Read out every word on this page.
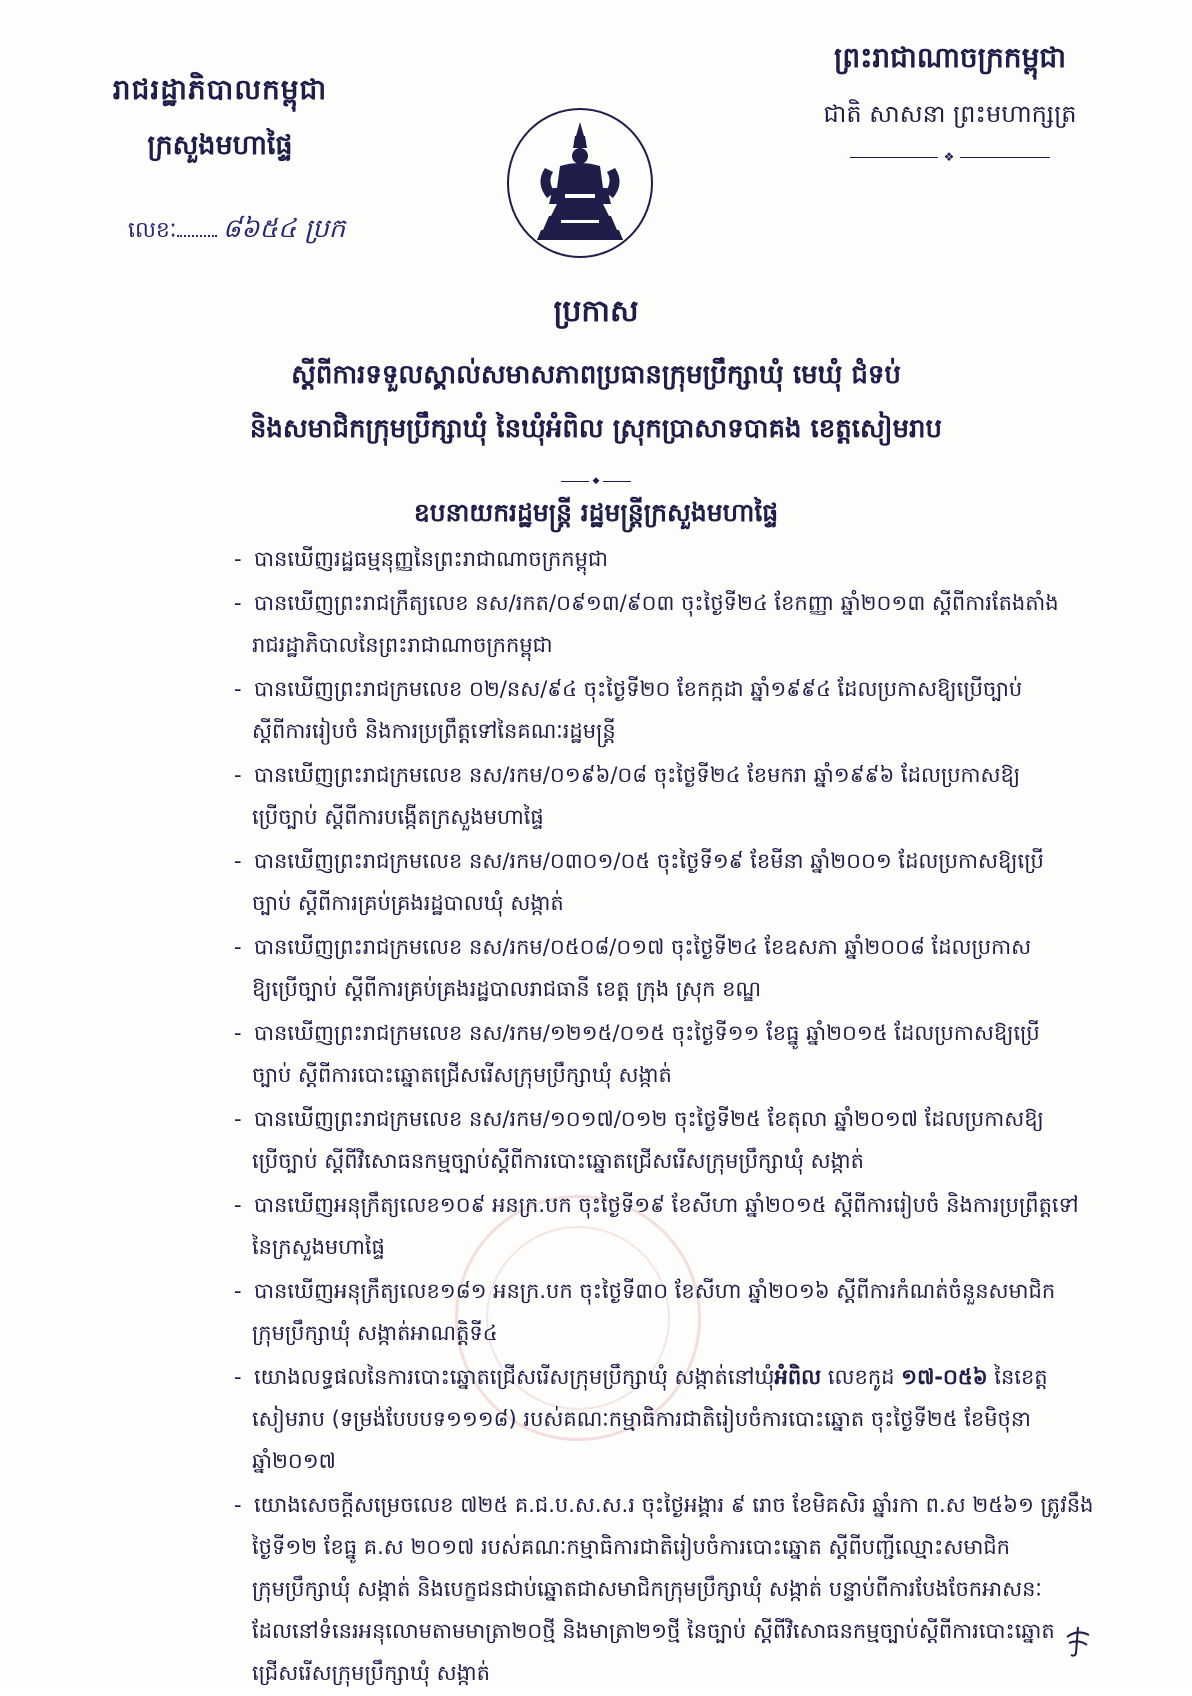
រាជរដ្ឋាភិបាលកម្ពុជា
ក្រសួងមហាផ្ទៃ
លេខៈ ៨៦៥៤ ប្រក
ព្រះរាជាណាចក្រកម្ពុជា
ជាតិ សាសនា ព្រះមហាក្សត្រ
❖
ប្រកាស
ស្តីពីការទទួលស្គាល់សមាសភាពប្រធានក្រុមប្រឹក្សាឃុំ មេឃុំ ជំទប់
និងសមាជិកក្រុមប្រឹក្សាឃុំ នៃឃុំអំពិល ស្រុកប្រាសាទបាគង ខេត្តសៀមរាប
◆
ឧបនាយករដ្ឋមន្ត្រី រដ្ឋមន្ត្រីក្រសួងមហាផ្ទៃ
- បានឃើញរដ្ឋធម្មនុញ្ញនៃព្រះរាជាណាចក្រកម្ពុជា
- បានឃើញព្រះរាជក្រឹត្យលេខ នស/រកត/០៩១៣/៩០៣ ចុះថ្ងៃទី២៤ ខែកញ្ញា ឆ្នាំ២០១៣ ស្តីពីការតែងតាំង
រាជរដ្ឋាភិបាលនៃព្រះរាជាណាចក្រកម្ពុជា
- បានឃើញព្រះរាជក្រមលេខ ០២/នស/៩៤ ចុះថ្ងៃទី២០ ខែកក្កដា ឆ្នាំ១៩៩៤ ដែលប្រកាសឱ្យប្រើច្បាប់
ស្តីពីការរៀបចំ និងការប្រព្រឹត្តទៅនៃគណៈរដ្ឋមន្ត្រី
- បានឃើញព្រះរាជក្រមលេខ នស/រកម/០១៩៦/០៨ ចុះថ្ងៃទី២៤ ខែមករា ឆ្នាំ១៩៩៦ ដែលប្រកាសឱ្យ
ប្រើច្បាប់ ស្តីពីការបង្កើតក្រសួងមហាផ្ទៃ
- បានឃើញព្រះរាជក្រមលេខ នស/រកម/០៣០១/០៥ ចុះថ្ងៃទី១៩ ខែមីនា ឆ្នាំ២០០១ ដែលប្រកាសឱ្យប្រើ
ច្បាប់ ស្តីពីការគ្រប់គ្រងរដ្ឋបាលឃុំ សង្កាត់
- បានឃើញព្រះរាជក្រមលេខ នស/រកម/០៥០៨/០១៧ ចុះថ្ងៃទី២៤ ខែឧសភា ឆ្នាំ២០០៨ ដែលប្រកាស
ឱ្យប្រើច្បាប់ ស្តីពីការគ្រប់គ្រងរដ្ឋបាលរាជធានី ខេត្ត ក្រុង ស្រុក ខណ្ឌ
- បានឃើញព្រះរាជក្រមលេខ នស/រកម/១២១៥/០១៥ ចុះថ្ងៃទី១១ ខែធ្នូ ឆ្នាំ២០១៥ ដែលប្រកាសឱ្យប្រើ
ច្បាប់ ស្តីពីការបោះឆ្នោតជ្រើសរើសក្រុមប្រឹក្សាឃុំ សង្កាត់
- បានឃើញព្រះរាជក្រមលេខ នស/រកម/១០១៧/០១២ ចុះថ្ងៃទី២៥ ខែតុលា ឆ្នាំ២០១៧ ដែលប្រកាសឱ្យ
ប្រើច្បាប់ ស្តីពីវិសោធនកម្មច្បាប់ស្តីពីការបោះឆ្នោតជ្រើសរើសក្រុមប្រឹក្សាឃុំ សង្កាត់
- បានឃើញអនុក្រឹត្យលេខ១០៩ អនក្រ.បក ចុះថ្ងៃទី១៩ ខែសីហា ឆ្នាំ២០១៥ ស្តីពីការរៀបចំ និងការប្រព្រឹត្តទៅ
នៃក្រសួងមហាផ្ទៃ
- បានឃើញអនុក្រឹត្យលេខ១៨១ អនក្រ.បក ចុះថ្ងៃទី៣០ ខែសីហា ឆ្នាំ២០១៦ ស្តីពីការកំណត់ចំនួនសមាជិក
ក្រុមប្រឹក្សាឃុំ សង្កាត់អាណត្តិទី៤
- យោងលទ្ធផលនៃការបោះឆ្នោតជ្រើសរើសក្រុមប្រឹក្សាឃុំ សង្កាត់នៅឃុំអំពិល លេខកូដ ១៧-០៥៦ នៃខេត្ត
សៀមរាប (ទម្រង់បែបបទ១១១៨) របស់គណៈកម្មាធិការជាតិរៀបចំការបោះឆ្នោត ចុះថ្ងៃទី២៥ ខែមិថុនា
ឆ្នាំ២០១៧
- យោងសេចក្តីសម្រេចលេខ ៧២៥ គ.ជ.ប.ស.ស.រ ចុះថ្ងៃអង្គារ ៩ រោច ខែមិគសិរ ឆ្នាំរកា ព.ស ២៥៦១ ត្រូវនឹង
ថ្ងៃទី១២ ខែធ្នូ គ.ស ២០១៧ របស់គណៈកម្មាធិការជាតិរៀបចំការបោះឆ្នោត ស្តីពីបញ្ជីឈ្មោះសមាជិក
ក្រុមប្រឹក្សាឃុំ សង្កាត់ និងបេក្ខជនជាប់ឆ្នោតជាសមាជិកក្រុមប្រឹក្សាឃុំ សង្កាត់ បន្ទាប់ពីការបែងចែកអាសនៈ
ដែលនៅទំនេរអនុលោមតាមមាត្រា២០ថ្មី និងមាត្រា២១ថ្មី នៃច្បាប់ ស្តីពីវិសោធនកម្មច្បាប់ស្តីពីការបោះឆ្នោត
ជ្រើសរើសក្រុមប្រឹក្សាឃុំ សង្កាត់
